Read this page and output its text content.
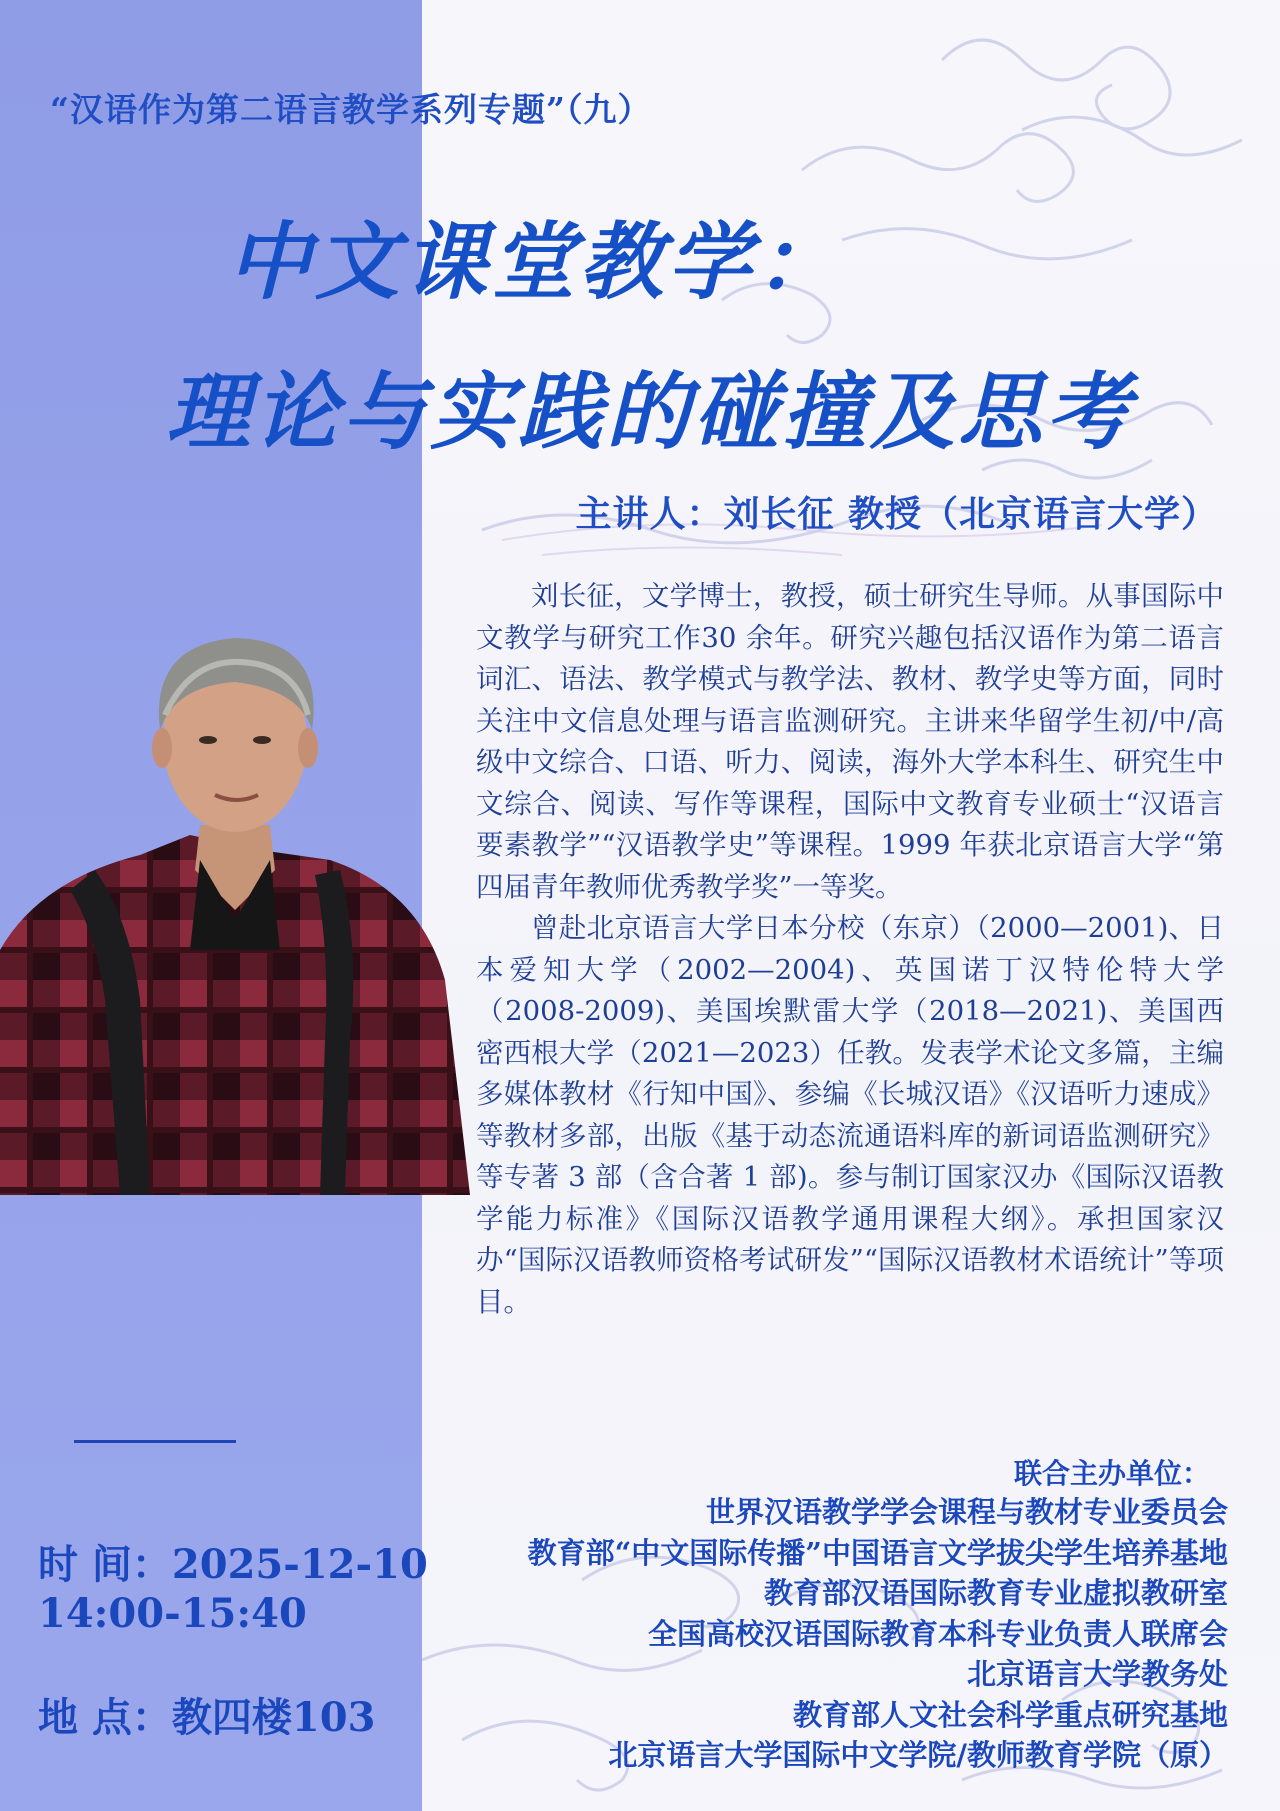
“汉语作为第二语言教学系列专题”（九）
中文课堂教学：
理论与实践的碰撞及思考
主讲人：刘长征 教授（北京语言大学）

刘长征，文学博士，教授，硕士研究生导师。从事国际中文教学与研究工作30 余年。研究兴趣包括汉语作为第二语言词汇、语法、教学模式与教学法、教材、教学史等方面，同时关注中文信息处理与语言监测研究。主讲来华留学生初/中/高级中文综合、口语、听力、阅读，海外大学本科生、研究生中文综合、阅读、写作等课程，国际中文教育专业硕士“汉语言要素教学”“汉语教学史”等课程。1999 年获北京语言大学“第四届青年教师优秀教学奖”一等奖。

曾赴北京语言大学日本分校（东京）（2000—2001)、日本爱知大学（2002—2004)、英国诺丁汉特伦特大学（2008-2009)、美国埃默雷大学（2018—2021)、美国西密西根大学（2021—2023）任教。发表学术论文多篇，主编多媒体教材《行知中国》、参编《长城汉语》《汉语听力速成》等教材多部，出版《基于动态流通语料库的新词语监测研究》等专著 3 部（含合著 1 部)。参与制订国家汉办《国际汉语教学能力标准》《国际汉语教学通用课程大纲》。承担国家汉办“国际汉语教师资格考试研发”“国际汉语教材术语统计”等项目。

时 间：2025-12-10
14:00-15:40
地 点：教四楼103
联合主办单位：
世界汉语教学学会课程与教材专业委员会
教育部“中文国际传播”中国语言文学拔尖学生培养基地
教育部汉语国际教育专业虚拟教研室
全国高校汉语国际教育本科专业负责人联席会
北京语言大学教务处
教育部人文社会科学重点研究基地
北京语言大学国际中文学院/教师教育学院（原）
